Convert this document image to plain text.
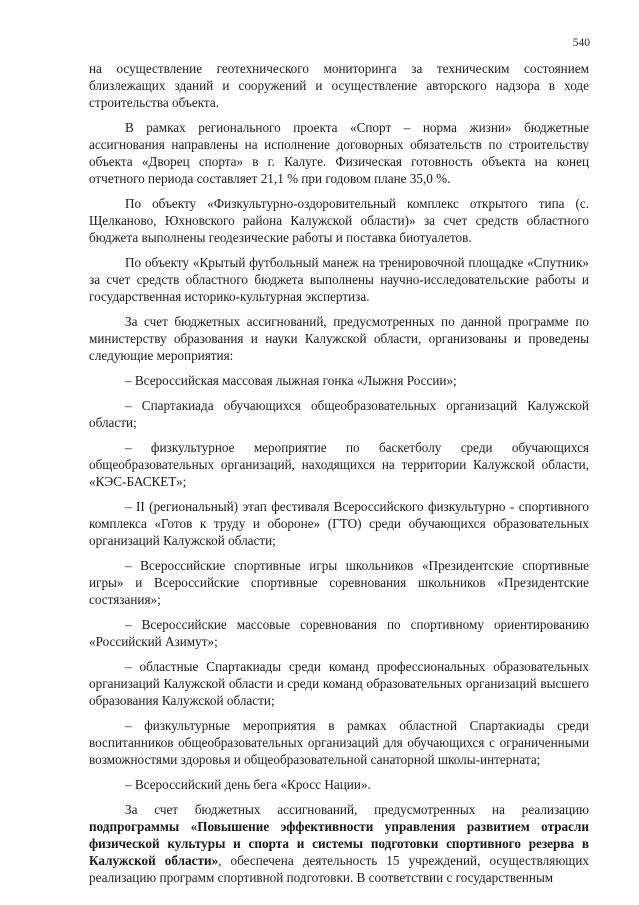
540

на осуществление геотехнического мониторинга за техническим состоянием близлежащих зданий и сооружений и осуществление авторского надзора в ходе строительства объекта.

В рамках регионального проекта «Спорт – норма жизни» бюджетные ассигнования направлены на исполнение договорных обязательств по строительству объекта «Дворец спорта» в г. Калуге. Физическая готовность объекта на конец отчетного периода составляет 21,1 % при годовом плане 35,0 %.

По объекту «Физкультурно-оздоровительный комплекс открытого типа (с. Щелканово, Юхновского района Калужской области)» за счет средств областного бюджета выполнены геодезические работы и поставка биотуалетов.

По объекту «Крытый футбольный манеж на тренировочной площадке «Спутник» за счет средств областного бюджета выполнены научно-исследовательские работы и государственная историко-культурная экспертиза.

За счет бюджетных ассигнований, предусмотренных по данной программе по министерству образования и науки Калужской области, организованы и проведены следующие мероприятия:

– Всероссийская массовая лыжная гонка «Лыжня России»;

– Спартакиада обучающихся общеобразовательных организаций Калужской области;

– физкультурное мероприятие по баскетболу среди обучающихся общеобразовательных организаций, находящихся на территории Калужской области, «КЭС-БАСКЕТ»;

– II (региональный) этап фестиваля Всероссийского физкультурно - спортивного комплекса «Готов к труду и обороне» (ГТО) среди обучающихся образовательных организаций Калужской области;

– Всероссийские спортивные игры школьников «Президентские спортивные игры» и Всероссийские спортивные соревнования школьников «Президентские состязания»;

– Всероссийские массовые соревнования по спортивному ориентированию «Российский Азимут»;

– областные Спартакиады среди команд профессиональных образовательных организаций Калужской области и среди команд образовательных организаций высшего образования Калужской области;

– физкультурные мероприятия в рамках областной Спартакиады среди воспитанников общеобразовательных организаций для обучающихся с ограниченными возможностями здоровья и общеобразовательной санаторной школы-интерната;

– Всероссийский день бега «Кросс Нации».

За счет бюджетных ассигнований, предусмотренных на реализацию подпрограммы «Повышение эффективности управления развитием отрасли физической культуры и спорта и системы подготовки спортивного резерва в Калужской области», обеспечена деятельность 15 учреждений, осуществляющих реализацию программ спортивной подготовки. В соответствии с государственным
